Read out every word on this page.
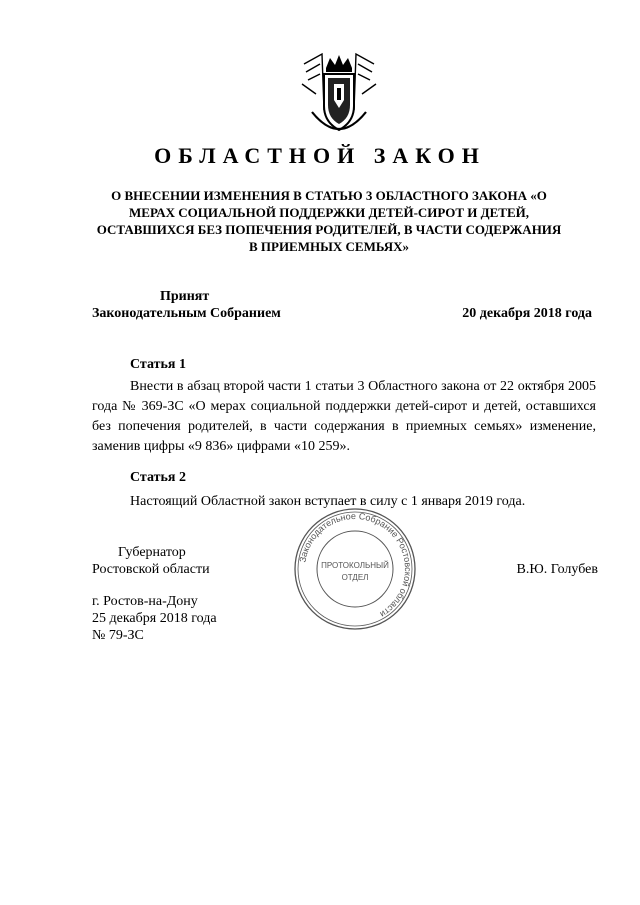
ОБЛАСТНОЙ ЗАКОН
О ВНЕСЕНИИ ИЗМЕНЕНИЯ В СТАТЬЮ 3 ОБЛАСТНОГО ЗАКОНА «О МЕРАХ СОЦИАЛЬНОЙ ПОДДЕРЖКИ ДЕТЕЙ-СИРОТ И ДЕТЕЙ, ОСТАВШИХСЯ БЕЗ ПОПЕЧЕНИЯ РОДИТЕЛЕЙ, В ЧАСТИ СОДЕРЖАНИЯ В ПРИЕМНЫХ СЕМЬЯХ»
Принят
Законодательным Собранием	20 декабря 2018 года
Статья 1
Внести в абзац второй части 1 статьи 3 Областного закона от 22 октября 2005 года № 369-ЗС «О мерах социальной поддержки детей-сирот и детей, оставшихся без попечения родителей, в части содержания в приемных семьях» изменение, заменив цифры «9 836» цифрами «10 259».
Статья 2
Настоящий Областной закон вступает в силу с 1 января 2019 года.
Губернатор
Ростовской области	В.Ю. Голубев
Законодательное Собрание Ростовской области
ПРОТОКОЛЬНЫЙ
ОТДЕЛ
г. Ростов-на-Дону
25 декабря 2018 года
№ 79-ЗС
